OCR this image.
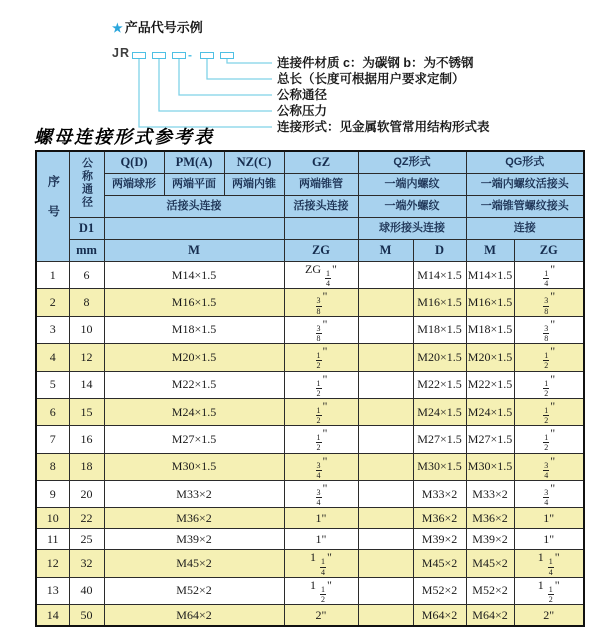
★ 产品代号示例
JR	-
连接件材质 c：为碳钢 b：为不锈钢
总长（长度可根据用户要求定制）
公称通径
公称压力
连接形式：见金属软管常用结构形式表
螺母连接形式参考表
序号	公称通径	Q(D)	PM(A)	NZ(C)	GZ	QZ形式		QG形式	
		两端球形	两端平面	两端内锥	两端锥管	一端内螺纹		一端内螺纹活接头	
		活接头连接			活接头连接	一端外螺纹		一端锥管螺纹接头	
	D1					球形接头连接		连接	
	mm	M			ZG	M	D	M	ZG
1	6	M14×1.5			ZG $\frac{1}{4}$ "		M14×1.5	M14×1.5	$\frac{1}{4}$ "
2	8	M16×1.5			$\frac{3}{8}$ "		M16×1.5	M16×1.5	$\frac{3}{8}$ "
3	10	M18×1.5			$\frac{3}{8}$ "		M18×1.5	M18×1.5	$\frac{3}{8}$ "
4	12	M20×1.5			$\frac{1}{2}$ "		M20×1.5	M20×1.5	$\frac{1}{2}$ "
5	14	M22×1.5			$\frac{1}{2}$ "		M22×1.5	M22×1.5	$\frac{1}{2}$ "
6	15	M24×1.5			$\frac{1}{2}$ "		M24×1.5	M24×1.5	$\frac{1}{2}$ "
7	16	M27×1.5			$\frac{1}{2}$ "		M27×1.5	M27×1.5	$\frac{1}{2}$ "
8	18	M30×1.5			$\frac{3}{4}$ "		M30×1.5	M30×1.5	$\frac{3}{4}$ "
9	20	M33×2			$\frac{3}{4}$ "		M33×2	M33×2	$\frac{3}{4}$ "
10	22	M36×2			1"		M36×2	M36×2	1"
11	25	M39×2			1"		M39×2	M39×2	1"
12	32	M45×2			$1 \frac{1}{4}$ "		M45×2	M45×2	$1 \frac{1}{4}$ "
13	40	M52×2			$1 \frac{1}{2}$ "		M52×2	M52×2	$1 \frac{1}{2}$ "
14	50	M64×2			2"		M64×2	M64×2	2"
